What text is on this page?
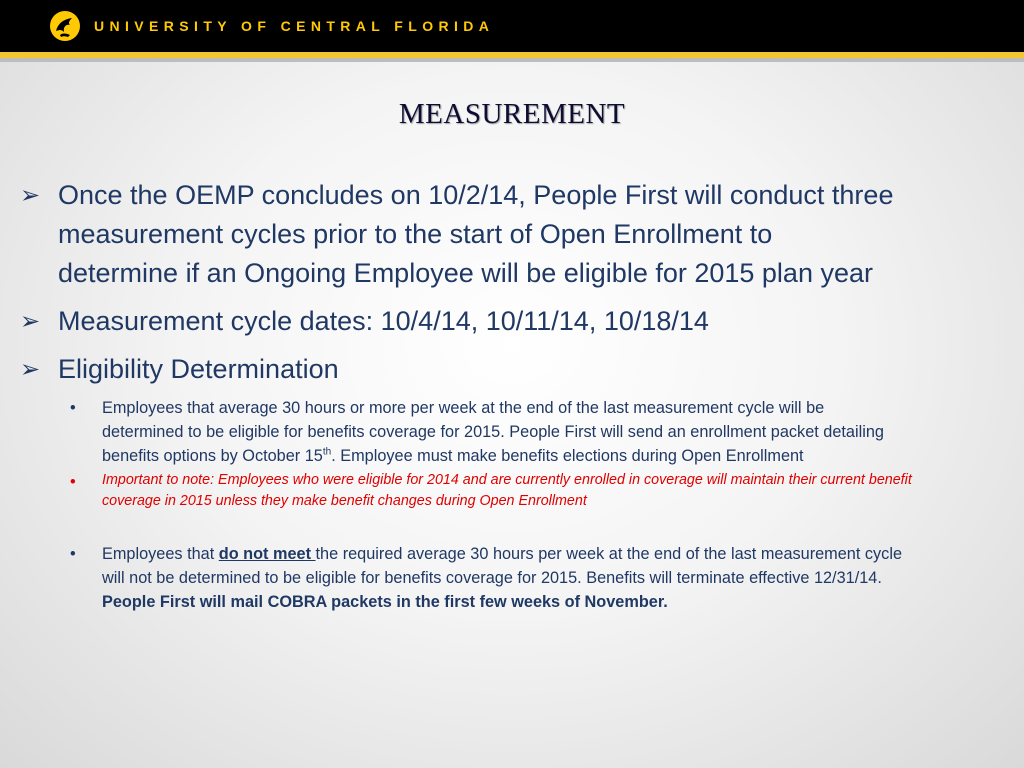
UNIVERSITY OF CENTRAL FLORIDA
MEASUREMENT
➢ Once the OEMP concludes on 10/2/14, People First will conduct three
measurement cycles prior to the start of Open Enrollment to
determine if an Ongoing Employee will be eligible for 2015 plan year
➢ Measurement cycle dates: 10/4/14, 10/11/14, 10/18/14
➢ Eligibility Determination
• Employees that average 30 hours or more per week at the end of the last measurement cycle will be
determined to be eligible for benefits coverage for 2015. People First will send an enrollment packet detailing
benefits options by October 15th. Employee must make benefits elections during Open Enrollment
•	Important to note: Employees who were eligible for 2014 and are currently enrolled in coverage will maintain their current benefit
coverage in 2015 unless they make benefit changes during Open Enrollment
• Employees that do not meet the required average 30 hours per week at the end of the last measurement cycle
will not be determined to be eligible for benefits coverage for 2015. Benefits will terminate effective 12/31/14.
People First will mail COBRA packets in the first few weeks of November.
